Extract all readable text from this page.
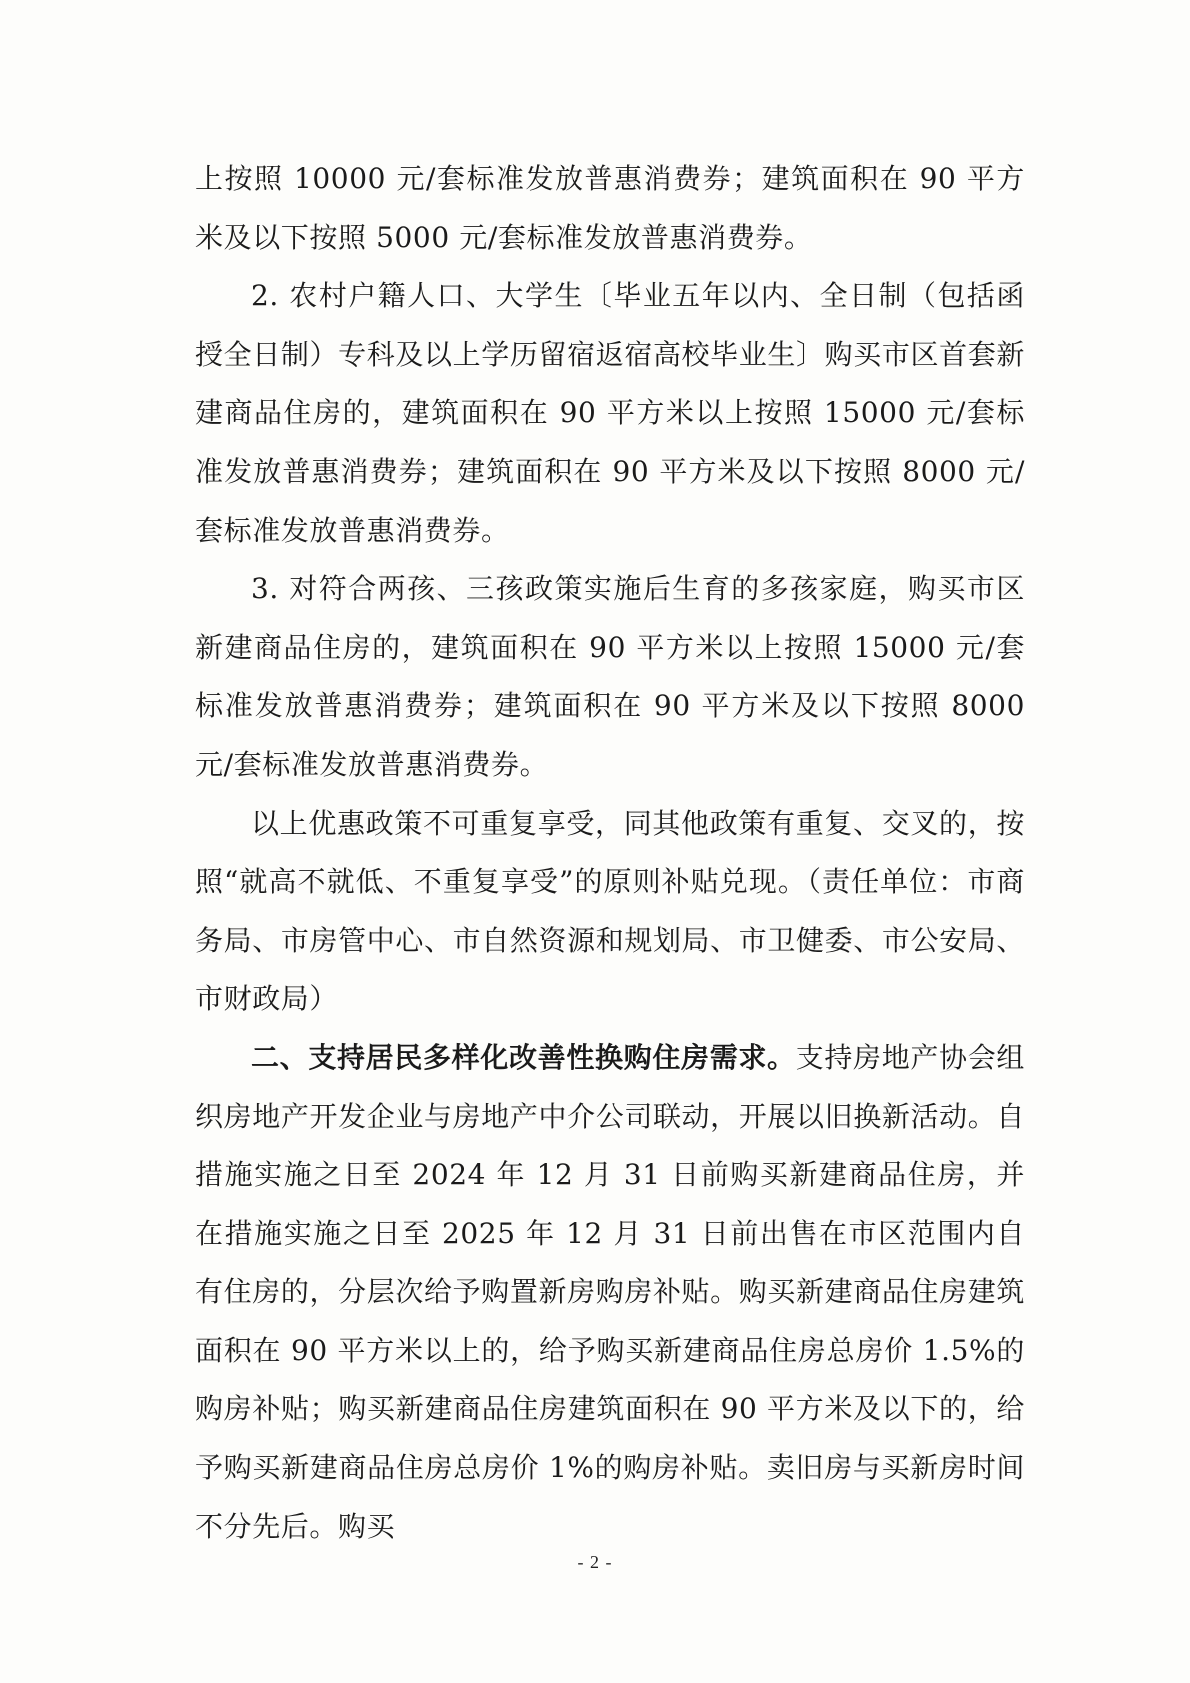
上按照 10000 元/套标准发放普惠消费券；建筑面积在 90 平方米及以下按照 5000 元/套标准发放普惠消费券。

2. 农村户籍人口、大学生〔毕业五年以内、全日制（包括函授全日制）专科及以上学历留宿返宿高校毕业生〕购买市区首套新建商品住房的，建筑面积在 90 平方米以上按照 15000 元/套标准发放普惠消费券；建筑面积在 90 平方米及以下按照 8000 元/套标准发放普惠消费券。

3. 对符合两孩、三孩政策实施后生育的多孩家庭，购买市区新建商品住房的，建筑面积在 90 平方米以上按照 15000 元/套标准发放普惠消费券；建筑面积在 90 平方米及以下按照 8000 元/套标准发放普惠消费券。

以上优惠政策不可重复享受，同其他政策有重复、交叉的，按照“就高不就低、不重复享受”的原则补贴兑现。（责任单位：市商务局、市房管中心、市自然资源和规划局、市卫健委、市公安局、市财政局）

二、支持居民多样化改善性换购住房需求。支持房地产协会组织房地产开发企业与房地产中介公司联动，开展以旧换新活动。自措施实施之日至 2024 年 12 月 31 日前购买新建商品住房，并在措施实施之日至 2025 年 12 月 31 日前出售在市区范围内自有住房的，分层次给予购置新房购房补贴。购买新建商品住房建筑面积在 90 平方米以上的，给予购买新建商品住房总房价 1.5%的购房补贴；购买新建商品住房建筑面积在 90 平方米及以下的，给予购买新建商品住房总房价 1%的购房补贴。卖旧房与买新房时间不分先后。购买

- 2 -
